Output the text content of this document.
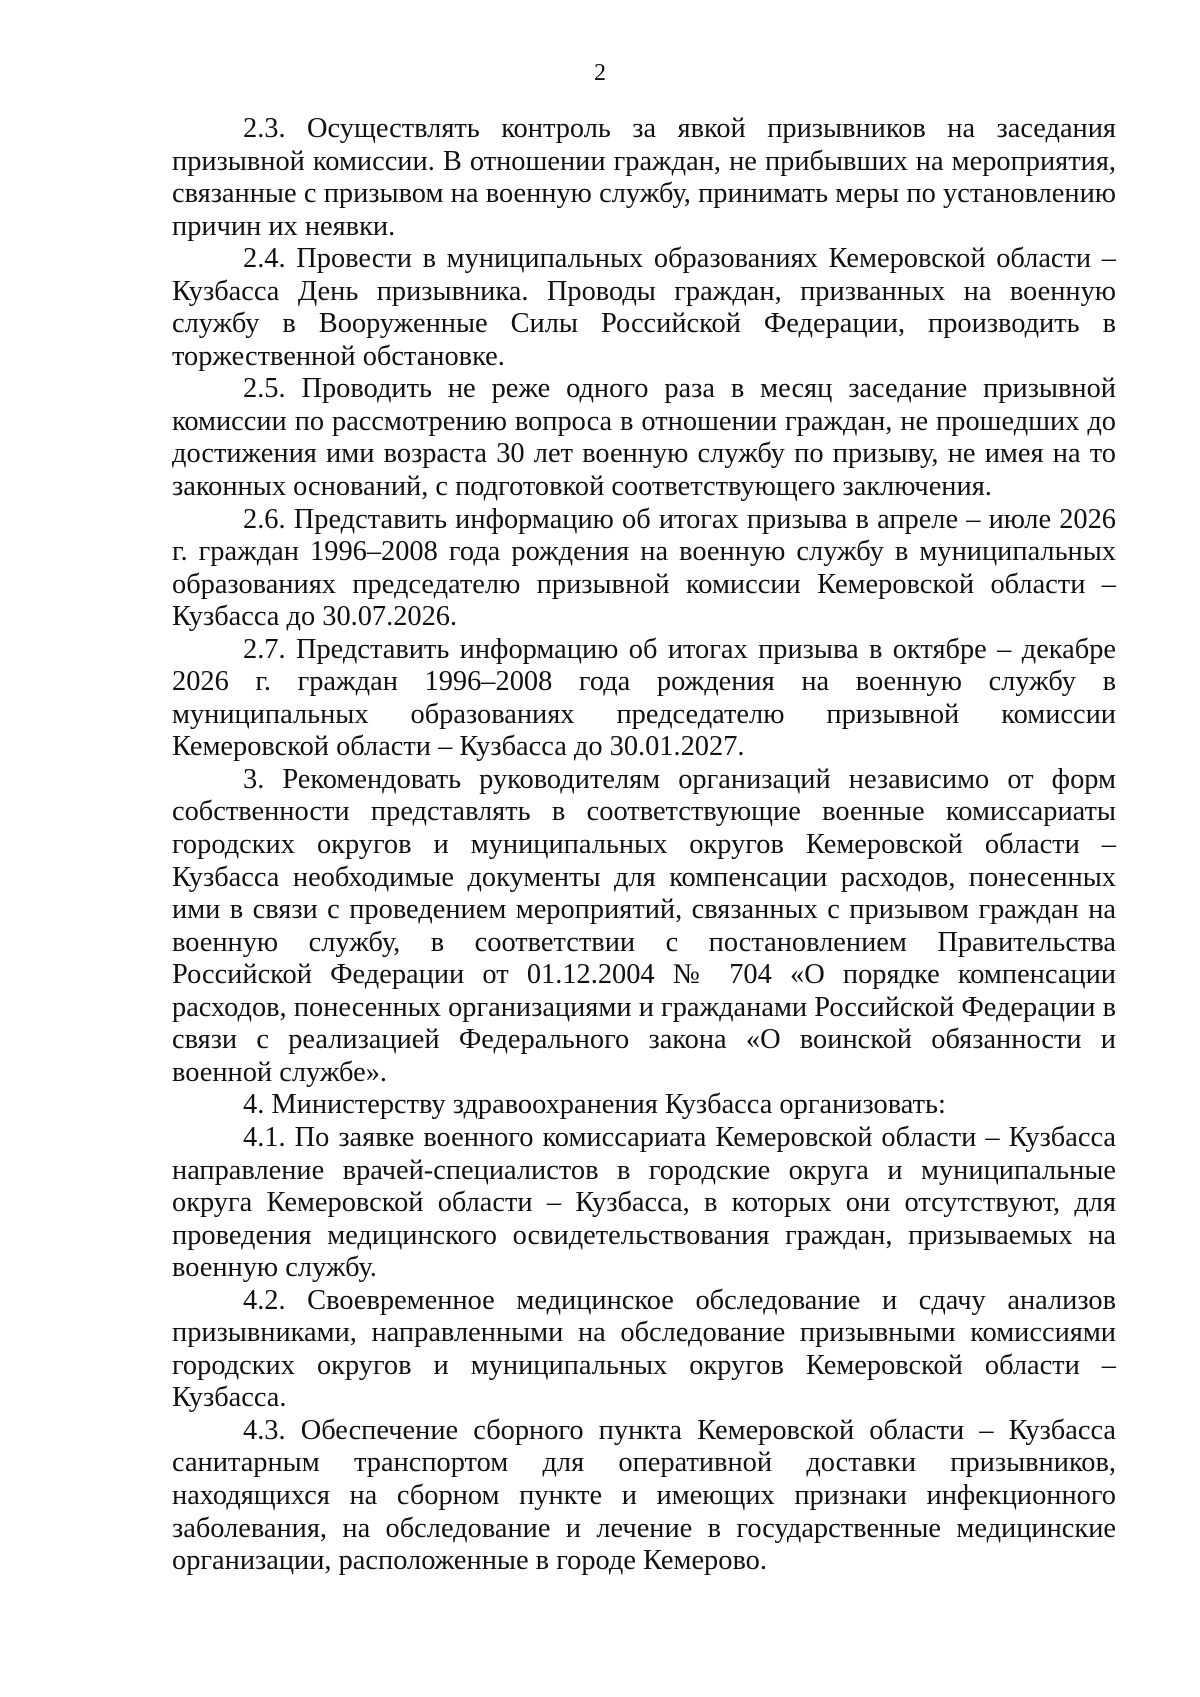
2

2.3. Осуществлять контроль за явкой призывников на заседания призывной комиссии. В отношении граждан, не прибывших на мероприятия, связанные с призывом на военную службу, принимать меры по установлению причин их неявки.

2.4. Провести в муниципальных образованиях Кемеровской области – Кузбасса День призывника. Проводы граждан, призванных на военную службу в Вооруженные Силы Российской Федерации, производить в торжественной обстановке.

2.5. Проводить не реже одного раза в месяц заседание призывной комиссии по рассмотрению вопроса в отношении граждан, не прошедших до достижения ими возраста 30 лет военную службу по призыву, не имея на то законных оснований, с подготовкой соответствующего заключения.

2.6. Представить информацию об итогах призыва в апреле – июле 2026 г. граждан 1996–2008 года рождения на военную службу в муниципальных образованиях председателю призывной комиссии Кемеровской области – Кузбасса до 30.07.2026.

2.7. Представить информацию об итогах призыва в октябре – декабре 2026 г. граждан 1996–2008 года рождения на военную службу в муниципальных образованиях председателю призывной комиссии Кемеровской области – Кузбасса до 30.01.2027.

3. Рекомендовать руководителям организаций независимо от форм собственности представлять в соответствующие военные комиссариаты городских округов и муниципальных округов Кемеровской области – Кузбасса необходимые документы для компенсации расходов, понесенных ими в связи с проведением мероприятий, связанных с призывом граждан на военную службу, в соответствии с постановлением Правительства Российской Федерации от 01.12.2004 № 704 «О порядке компенсации расходов, понесенных организациями и гражданами Российской Федерации в связи с реализацией Федерального закона «О воинской обязанности и военной службе».

4. Министерству здравоохранения Кузбасса организовать:

4.1. По заявке военного комиссариата Кемеровской области – Кузбасса направление врачей-специалистов в городские округа и муниципальные округа Кемеровской области – Кузбасса, в которых они отсутствуют, для проведения медицинского освидетельствования граждан, призываемых на военную службу.

4.2. Своевременное медицинское обследование и сдачу анализов призывниками, направленными на обследование призывными комиссиями городских округов и муниципальных округов Кемеровской области – Кузбасса.

4.3. Обеспечение сборного пункта Кемеровской области – Кузбасса санитарным транспортом для оперативной доставки призывников, находящихся на сборном пункте и имеющих признаки инфекционного заболевания, на обследование и лечение в государственные медицинские организации, расположенные в городе Кемерово.
